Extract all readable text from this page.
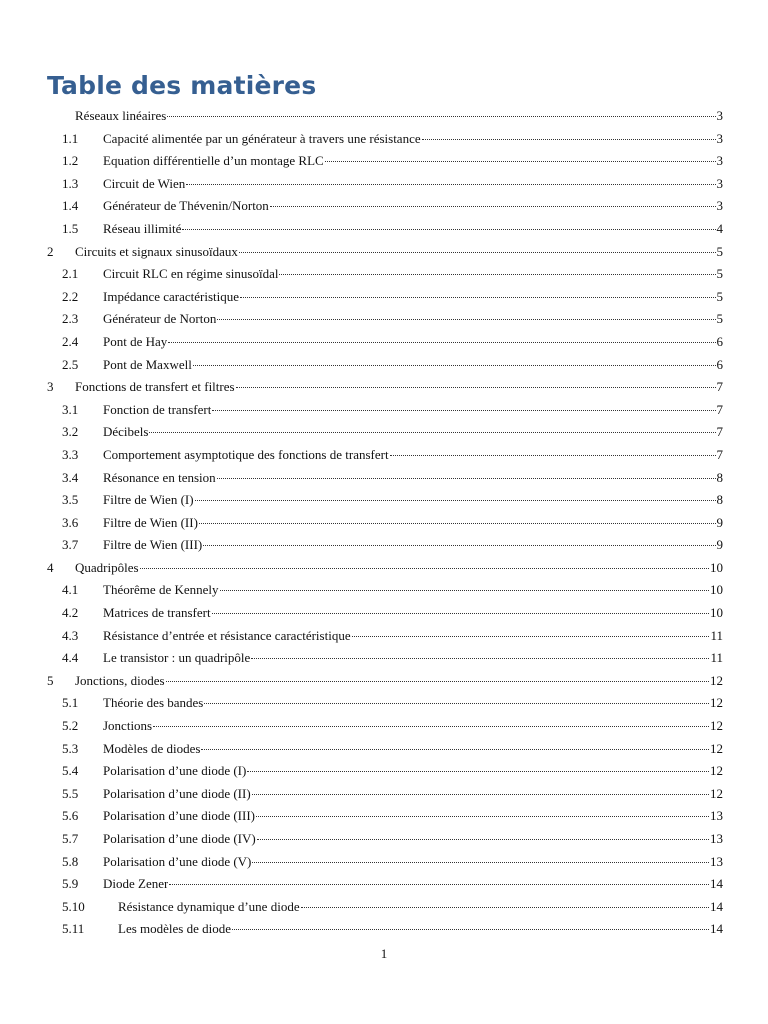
Table des matières
Réseaux linéaires	3
1.1	Capacité alimentée par un générateur à travers une résistance	3
1.2	Equation différentielle d’un montage RLC	3
1.3	Circuit de Wien	3
1.4	Générateur de Thévenin/Norton	3
1.5	Réseau illimité	4
2	Circuits et signaux sinusoïdaux	5
2.1	Circuit RLC en régime sinusoïdal	5
2.2	Impédance caractéristique	5
2.3	Générateur de Norton	5
2.4	Pont de Hay	6
2.5	Pont de Maxwell	6
3	Fonctions de transfert et filtres	7
3.1	Fonction de transfert	7
3.2	Décibels	7
3.3	Comportement asymptotique des fonctions de transfert	7
3.4	Résonance en tension	8
3.5	Filtre de Wien (I)	8
3.6	Filtre de Wien (II)	9
3.7	Filtre de Wien (III)	9
4	Quadripôles	10
4.1	Théorême de Kennely	10
4.2	Matrices de transfert	10
4.3	Résistance d’entrée et résistance caractéristique	11
4.4	Le transistor : un quadripôle	11
5	Jonctions, diodes	12
5.1	Théorie des bandes	12
5.2	Jonctions	12
5.3	Modèles de diodes	12
5.4	Polarisation d’une diode (I)	12
5.5	Polarisation d’une diode (II)	12
5.6	Polarisation d’une diode (III)	13
5.7	Polarisation d’une diode (IV)	13
5.8	Polarisation d’une diode (V)	13
5.9	Diode Zener	14
5.10	Résistance dynamique d’une diode	14
5.11	Les modèles de diode	14
1
